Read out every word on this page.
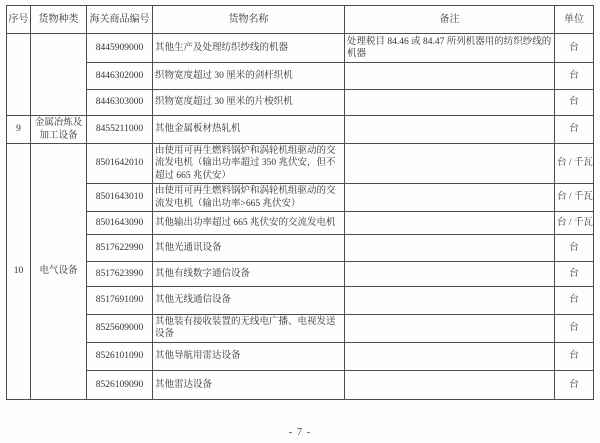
序号	货物种类	海关商品编号	货物名称	备注	单位
		8445909000	其他生产及处理纺织纱线的机器	处理税目 84.46 或 84.47 所列机器用的纺织纱线的机器	台
		8446302000	织物宽度超过 30 厘米的剑杆织机		台
		8446303000	织物宽度超过 30 厘米的片梭织机		台
9	金属冶炼及加工设备	8455211000	其他金属板材热轧机		台
10	电气设备	8501642010	由使用可再生燃料锅炉和涡轮机组驱动的交流发电机（输出功率超过 350 兆伏安，但不超过 665 兆伏安）		台 / 千瓦
		8501643010	由使用可再生燃料锅炉和涡轮机组驱动的交流发电机（输出功率>665 兆伏安）		台 / 千瓦
		8501643090	其他输出功率超过 665 兆伏安的交流发电机		台 / 千瓦
		8517622990	其他光通讯设备		台
		8517623990	其他有线数字通信设备		台
		8517691090	其他无线通信设备		台
		8525609000	其他装有接收装置的无线电广播、电视发送设备		台
		8526101090	其他导航用雷达设备		台
		8526109090	其他雷达设备		台
- 7 -
